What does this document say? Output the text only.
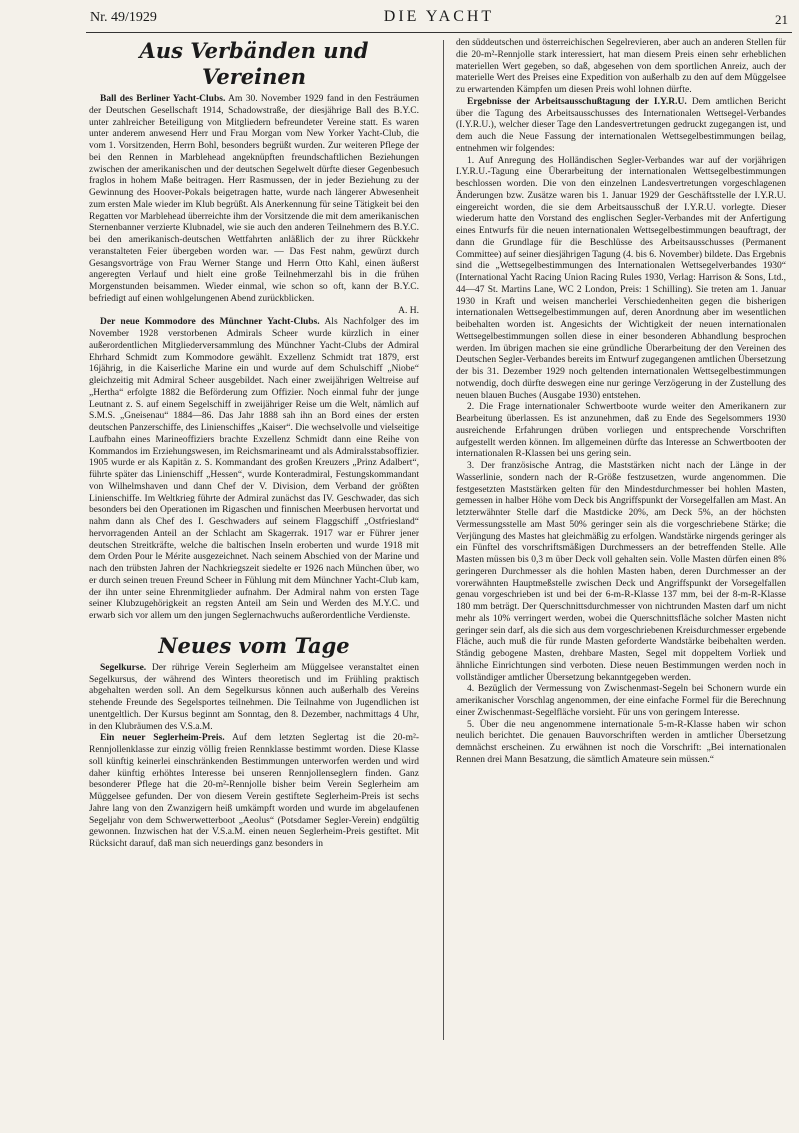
Nr. 49/1929	DIE YACHT	21
Aus Verbänden und Vereinen

Ball des Berliner Yacht-Clubs. Am 30. November 1929 fand in den Festräumen der Deutschen Gesellschaft 1914, Schadowstraße, der diesjährige Ball des B.Y.C. unter zahlreicher Beteiligung von Mitgliedern befreundeter Vereine statt. Es waren unter anderem anwesend Herr und Frau Morgan vom New Yorker Yacht-Club, die vom 1. Vorsitzenden, Herrn Bohl, besonders begrüßt wurden. Zur weiteren Pflege der bei den Rennen in Marblehead angeknüpften freundschaftlichen Beziehungen zwischen der amerikanischen und der deutschen Segelwelt dürfte dieser Gegenbesuch fraglos in hohem Maße beitragen. Herr Rasmussen, der in jeder Beziehung zu der Gewinnung des Hoover-Pokals beigetragen hatte, wurde nach längerer Abwesenheit zum ersten Male wieder im Klub begrüßt. Als Anerkennung für seine Tätigkeit bei den Regatten vor Marblehead überreichte ihm der Vorsitzende die mit dem amerikanischen Sternenbanner verzierte Klubnadel, wie sie auch den anderen Teilnehmern des B.Y.C. bei den amerikanisch-deutschen Wettfahrten anläßlich der zu ihrer Rückkehr veranstalteten Feier übergeben worden war. — Das Fest nahm, gewürzt durch Gesangsvorträge von Frau Werner Stange und Herrn Otto Kahl, einen äußerst angeregten Verlauf und hielt eine große Teilnehmerzahl bis in die frühen Morgenstunden beisammen. Wieder einmal, wie schon so oft, kann der B.Y.C. befriedigt auf einen wohlgelungenen Abend zurückblicken.

A. H.

Der neue Kommodore des Münchner Yacht-Clubs. Als Nachfolger des im November 1928 verstorbenen Admirals Scheer wurde kürzlich in einer außerordentlichen Mitgliederversammlung des Münchner Yacht-Clubs der Admiral Ehrhard Schmidt zum Kommodore gewählt. Exzellenz Schmidt trat 1879, erst 16jährig, in die Kaiserliche Marine ein und wurde auf dem Schulschiff „Niobe“ gleichzeitig mit Admiral Scheer ausgebildet. Nach einer zweijährigen Weltreise auf „Hertha“ erfolgte 1882 die Beförderung zum Offizier. Noch einmal fuhr der junge Leutnant z. S. auf einem Segelschiff in zweijähriger Reise um die Welt, nämlich auf S.M.S. „Gneisenau“ 1884—86. Das Jahr 1888 sah ihn an Bord eines der ersten deutschen Panzerschiffe, des Linienschiffes „Kaiser“. Die wechselvolle und vielseitige Laufbahn eines Marineoffiziers brachte Exzellenz Schmidt dann eine Reihe von Kommandos im Erziehungswesen, im Reichsmarineamt und als Admiralsstabsoffizier. 1905 wurde er als Kapitän z. S. Kommandant des großen Kreuzers „Prinz Adalbert“, führte später das Linienschiff „Hessen“, wurde Konteradmiral, Festungskommandant von Wilhelmshaven und dann Chef der V. Division, dem Verband der größten Linienschiffe. Im Weltkrieg führte der Admiral zunächst das IV. Geschwader, das sich besonders bei den Operationen im Rigaschen und finnischen Meerbusen hervortat und nahm dann als Chef des I. Geschwaders auf seinem Flaggschiff „Ostfriesland“ hervorragenden Anteil an der Schlacht am Skagerrak. 1917 war er Führer jener deutschen Streitkräfte, welche die baltischen Inseln eroberten und wurde 1918 mit dem Orden Pour le Mérite ausgezeichnet. Nach seinem Abschied von der Marine und nach den trübsten Jahren der Nachkriegszeit siedelte er 1926 nach München über, wo er durch seinen treuen Freund Scheer in Fühlung mit dem Münchner Yacht-Club kam, der ihn unter seine Ehrenmitglieder aufnahm. Der Admiral nahm von ersten Tage seiner Klubzugehörigkeit an regsten Anteil am Sein und Werden des M.Y.C. und erwarb sich vor allem um den jungen Seglernachwuchs außerordentliche Verdienste.

Neues vom Tage

Segelkurse. Der rührige Verein Seglerheim am Müggelsee veranstaltet einen Segelkursus, der während des Winters theoretisch und im Frühling praktisch abgehalten werden soll. An dem Segelkursus können auch außerhalb des Vereins stehende Freunde des Segelsportes teilnehmen. Die Teilnahme von Jugendlichen ist unentgeltlich. Der Kursus beginnt am Sonntag, den 8. Dezember, nachmittags 4 Uhr, in den Klubräumen des V.S.a.M.

Ein neuer Seglerheim-Preis. Auf dem letzten Seglertag ist die 20-m²-Rennjollenklasse zur einzig völlig freien Rennklasse bestimmt worden. Diese Klasse soll künftig keinerlei einschränkenden Bestimmungen unterworfen werden und wird daher künftig erhöhtes Interesse bei unseren Rennjollenseglern finden. Ganz besonderer Pflege hat die 20-m²-Rennjolle bisher beim Verein Seglerheim am Müggelsee gefunden. Der von diesem Verein gestiftete Seglerheim-Preis ist sechs Jahre lang von den Zwanzigern heiß umkämpft worden und wurde im abgelaufenen Segeljahr von dem Schwerwetterboot „Aeolus“ (Potsdamer Segler-Verein) endgültig gewonnen. Inzwischen hat der V.S.a.M. einen neuen Seglerheim-Preis gestiftet. Mit Rücksicht darauf, daß man sich neuerdings ganz besonders in

den süddeutschen und österreichischen Segelrevieren, aber auch an anderen Stellen für die 20-m²-Rennjolle stark interessiert, hat man diesem Preis einen sehr erheblichen materiellen Wert gegeben, so daß, abgesehen von dem sportlichen Anreiz, auch der materielle Wert des Preises eine Expedition von außerhalb zu den auf dem Müggelsee zu erwartenden Kämpfen um diesen Preis wohl lohnen dürfte.

Ergebnisse der Arbeitsausschußtagung der I.Y.R.U. Dem amtlichen Bericht über die Tagung des Arbeitsausschusses des Internationalen Wettsegel-Verbandes (I.Y.R.U.), welcher dieser Tage den Landesvertretungen gedruckt zugegangen ist, und dem auch die Neue Fassung der internationalen Wettsegelbestimmungen beilag, entnehmen wir folgendes:

1. Auf Anregung des Holländischen Segler-Verbandes war auf der vorjährigen I.Y.R.U.-Tagung eine Überarbeitung der internationalen Wettsegelbestimmungen beschlossen worden. Die von den einzelnen Landesvertretungen vorgeschlagenen Änderungen bzw. Zusätze waren bis 1. Januar 1929 der Geschäftsstelle der I.Y.R.U. eingereicht worden, die sie dem Arbeitsausschuß der I.Y.R.U. vorlegte. Dieser wiederum hatte den Vorstand des englischen Segler-Verbandes mit der Anfertigung eines Entwurfs für die neuen internationalen Wettsegelbestimmungen beauftragt, der dann die Grundlage für die Beschlüsse des Arbeitsausschusses (Permanent Committee) auf seiner diesjährigen Tagung (4. bis 6. November) bildete. Das Ergebnis sind die „Wettsegelbestimmungen des Internationalen Wettsegelverbandes 1930“ (International Yacht Racing Union Racing Rules 1930, Verlag: Harrison & Sons, Ltd., 44—47 St. Martins Lane, WC 2 London, Preis: 1 Schilling). Sie treten am 1. Januar 1930 in Kraft und weisen mancherlei Verschiedenheiten gegen die bisherigen internationalen Wettsegelbestimmungen auf, deren Anordnung aber im wesentlichen beibehalten worden ist. Angesichts der Wichtigkeit der neuen internationalen Wettsegelbestimmungen sollen diese in einer besonderen Abhandlung besprochen werden. Im übrigen machen sie eine gründliche Überarbeitung der den Vereinen des Deutschen Segler-Verbandes bereits im Entwurf zugegangenen amtlichen Übersetzung der bis 31. Dezember 1929 noch geltenden internationalen Wettsegelbestimmungen notwendig, doch dürfte deswegen eine nur geringe Verzögerung in der Zustellung des neuen blauen Buches (Ausgabe 1930) entstehen.

2. Die Frage internationaler Schwertboote wurde weiter den Amerikanern zur Bearbeitung überlassen. Es ist anzunehmen, daß zu Ende des Segelsommers 1930 ausreichende Erfahrungen drüben vorliegen und entsprechende Vorschriften aufgestellt werden können. Im allgemeinen dürfte das Interesse an Schwertbooten der internationalen R-Klassen bei uns gering sein.

3. Der französische Antrag, die Maststärken nicht nach der Länge in der Wasserlinie, sondern nach der R-Größe festzusetzen, wurde angenommen. Die festgesetzten Maststärken gelten für den Mindestdurchmesser bei hohlen Masten, gemessen in halber Höhe vom Deck bis Angriffspunkt der Vorsegelfallen am Mast. An letzterwähnter Stelle darf die Mastdicke 20%, am Deck 5%, an der höchsten Vermessungsstelle am Mast 50% geringer sein als die vorgeschriebene Stärke; die Verjüngung des Mastes hat gleichmäßig zu erfolgen. Wandstärke nirgends geringer als ein Fünftel des vorschriftsmäßigen Durchmessers an der betreffenden Stelle. Alle Masten müssen bis 0,3 m über Deck voll gehalten sein. Volle Masten dürfen einen 8% geringeren Durchmesser als die hohlen Masten haben, deren Durchmesser an der vorerwähnten Hauptmeßstelle zwischen Deck und Angriffspunkt der Vorsegelfallen genau vorgeschrieben ist und bei der 6-m-R-Klasse 137 mm, bei der 8-m-R-Klasse 180 mm beträgt. Der Querschnittsdurchmesser von nichtrunden Masten darf um nicht mehr als 10% verringert werden, wobei die Querschnittsfläche solcher Masten nicht geringer sein darf, als die sich aus dem vorgeschriebenen Kreisdurchmesser ergebende Fläche, auch muß die für runde Masten geforderte Wandstärke beibehalten werden. Ständig gebogene Masten, drehbare Masten, Segel mit doppeltem Vorliek und ähnliche Einrichtungen sind verboten. Diese neuen Bestimmungen werden noch in vollständiger amtlicher Übersetzung bekanntgegeben werden.

4. Bezüglich der Vermessung von Zwischenmast-Segeln bei Schonern wurde ein amerikanischer Vorschlag angenommen, der eine einfache Formel für die Berechnung einer Zwischenmast-Segelfläche vorsieht. Für uns von geringem Interesse.

5. Über die neu angenommene internationale 5-m-R-Klasse haben wir schon neulich berichtet. Die genauen Bauvorschriften werden in amtlicher Übersetzung demnächst erscheinen. Zu erwähnen ist noch die Vorschrift: „Bei internationalen Rennen drei Mann Besatzung, die sämtlich Amateure sein müssen.“
